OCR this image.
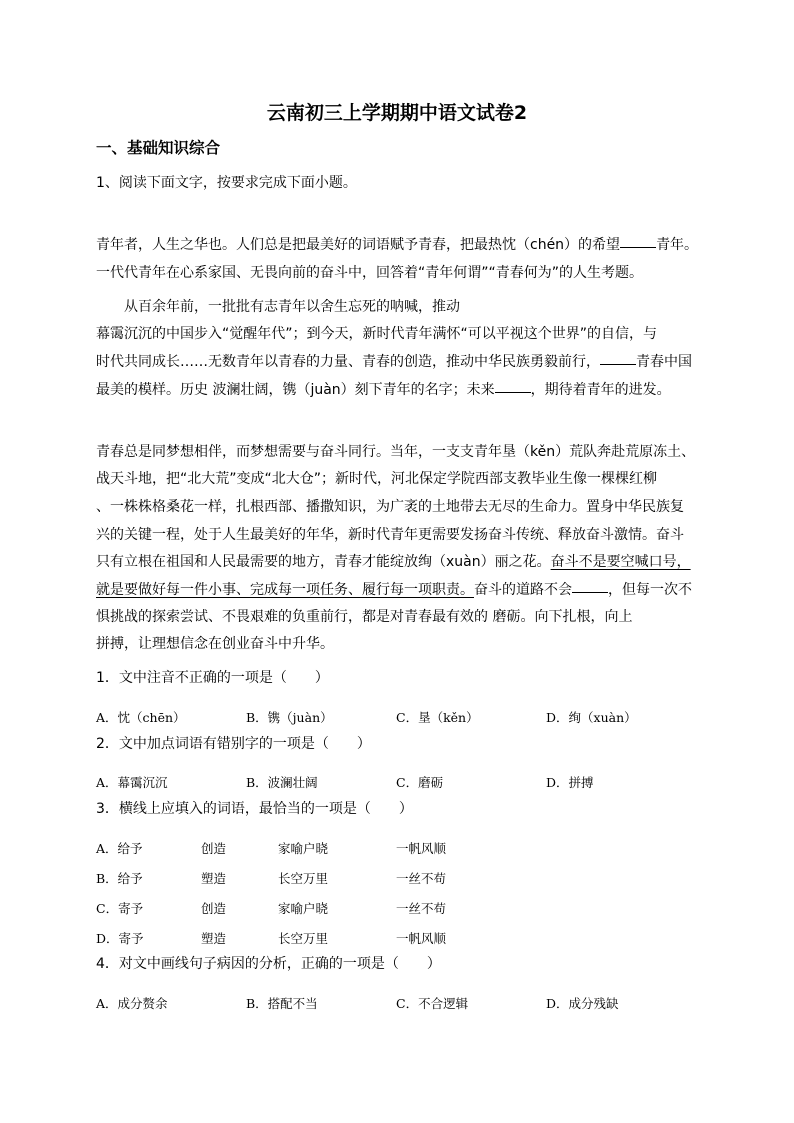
云南初三上学期期中语文试卷2
一、基础知识综合
1、阅读下面文字，按要求完成下面小题。
青年者，人生之华也。人们总是把最美好的词语赋予青春，把最热忱（chén）的希望	青年。
一代代青年在心系家国、无畏向前的奋斗中，回答着“青年何谓”“青春何为”的人生考题。
从百余年前，一批批有志青年以舍生忘死的呐喊，推动
幕霭沉沉的中国步入“觉醒年代”；到今天，新时代青年满怀“可以平视这个世界”的自信，与
时代共同成长……无数青年以青春的力量、青春的创造，推动中华民族勇毅前行，	青春中国
最美的模样。历史 波澜壮阔，镌（juàn）刻下青年的名字；未来	，期待着青年的进发。
青春总是同梦想相伴，而梦想需要与奋斗同行。当年，一支支青年垦（kěn）荒队奔赴荒原冻土、
战天斗地，把“北大荒”变成“北大仓”；新时代，河北保定学院西部支教毕业生像一棵棵红柳
、一株株格桑花一样，扎根西部、播撒知识，为广袤的土地带去无尽的生命力。置身中华民族复
兴的关键一程，处于人生最美好的年华，新时代青年更需要发扬奋斗传统、释放奋斗激情。奋斗
只有立根在祖国和人民最需要的地方，青春才能绽放绚（xuàn）丽之花。奋斗不是要空喊口号，
就是要做好每一件小事、完成每一项任务、履行每一项职责。奋斗的道路不会	，但每一次不
惧挑战的探索尝试、不畏艰难的负重前行，都是对青春最有效的 磨砺。向下扎根，向上
拼搏，让理想信念在创业奋斗中升华。
1．文中注音不正确的一项是（　　）
A．忱（chēn）	B．镌（juàn）	C．垦（kěn）	D．绚（xuàn）
2．文中加点词语有错别字的一项是（　　）
A．幕霭沉沉	B．波澜壮阔	C．磨砺	D．拼搏
3．横线上应填入的词语，最恰当的一项是（　　）
A．给予	创造	家喻户晓	一帆风顺
B．给予	塑造	长空万里	一丝不苟
C．寄予	创造	家喻户晓	一丝不苟
D．寄予	塑造	长空万里	一帆风顺
4．对文中画线句子病因的分析，正确的一项是（　　）
A．成分赘余	B．搭配不当	C．不合逻辑	D．成分残缺
